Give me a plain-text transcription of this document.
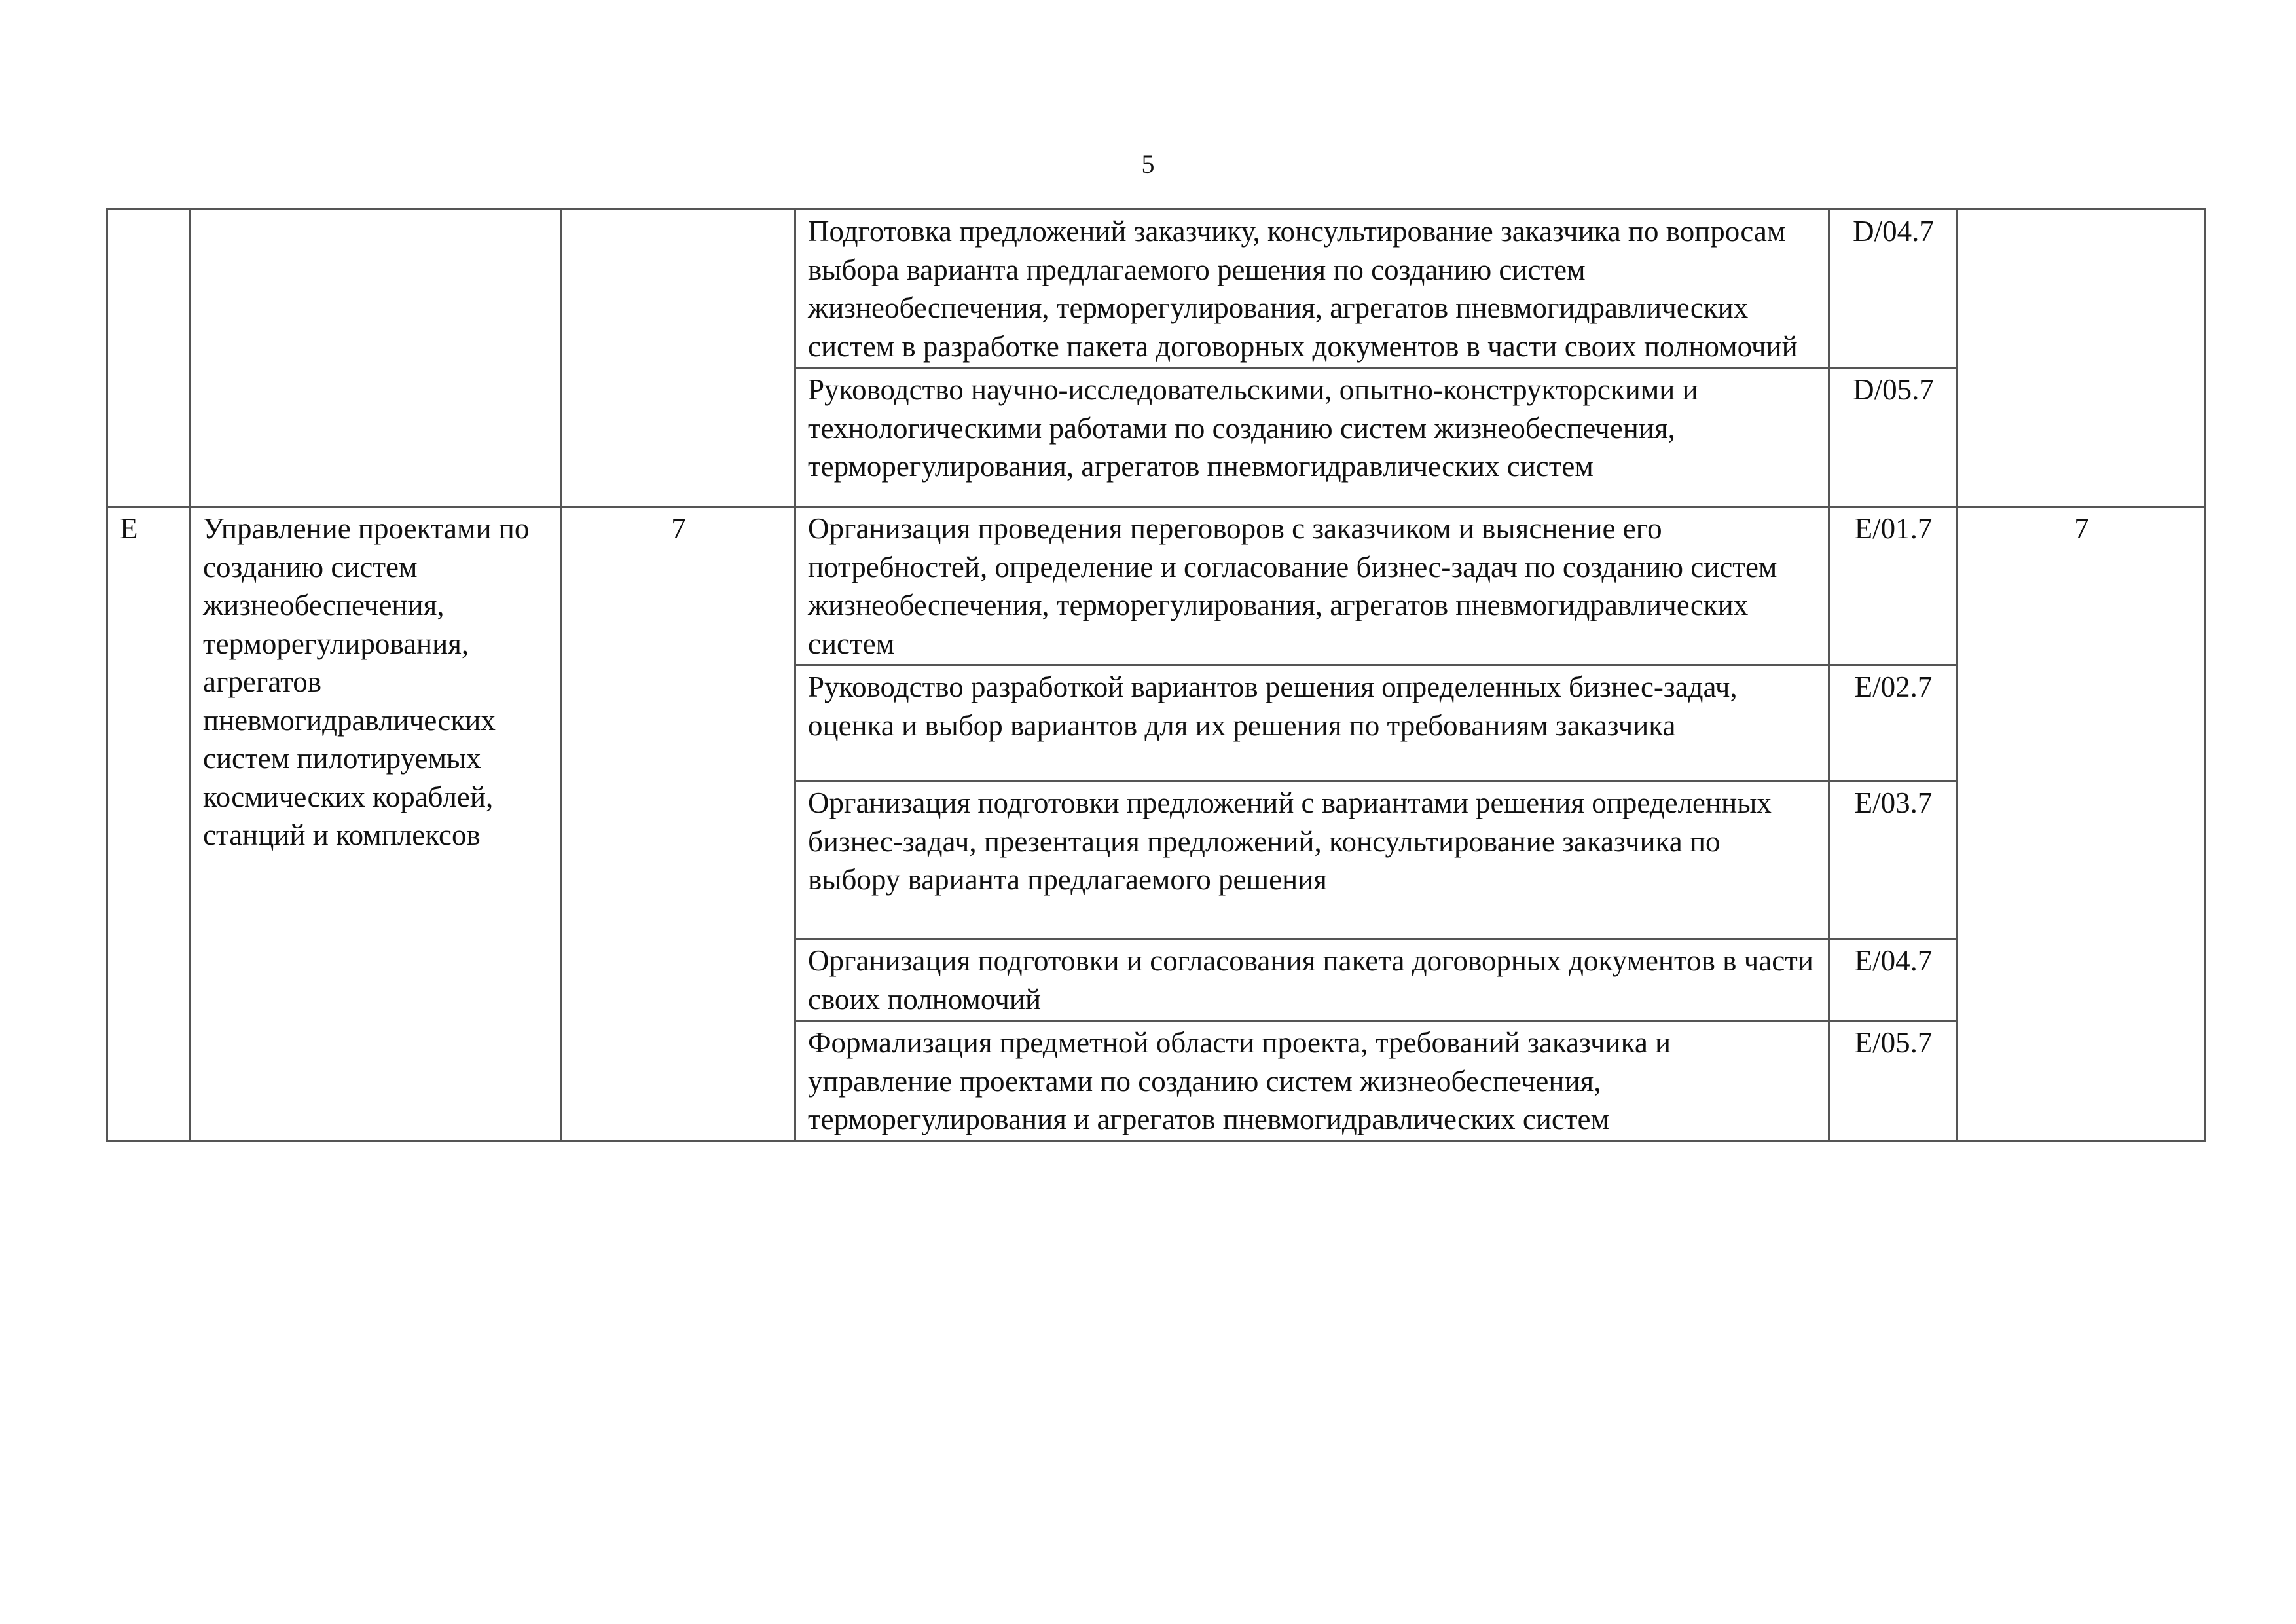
5
			Подготовка предложений заказчику, консультирование заказчика по вопросам выбора варианта предлагаемого решения по созданию систем жизнеобеспечения, терморегулирования, агрегатов пневмогидравлических систем в разработке пакета договорных документов в части своих полномочий	D/04.7	
			Руководство научно-исследовательскими, опытно-конструкторскими и технологическими работами по созданию систем жизнеобеспечения, терморегулирования, агрегатов пневмогидравлических систем	D/05.7	
E	Управление проектами по созданию систем жизнеобеспечения, терморегулирования, агрегатов пневмогидравлических систем пилотируемых космических кораблей, станций и комплексов	7	Организация проведения переговоров с заказчиком и выяснение его потребностей, определение и согласование бизнес-задач по созданию систем жизнеобеспечения, терморегулирования, агрегатов пневмогидравлических систем	E/01.7	7
			Руководство разработкой вариантов решения определенных бизнес-задач, оценка и выбор вариантов для их решения по требованиям заказчика	E/02.7	
			Организация подготовки предложений с вариантами решения определенных бизнес-задач, презентация предложений, консультирование заказчика по выбору варианта предлагаемого решения	E/03.7	
			Организация подготовки и согласования пакета договорных документов в части своих полномочий	E/04.7	
			Формализация предметной области проекта, требований заказчика и управление проектами по созданию систем жизнеобеспечения, терморегулирования и агрегатов пневмогидравлических систем	E/05.7	
